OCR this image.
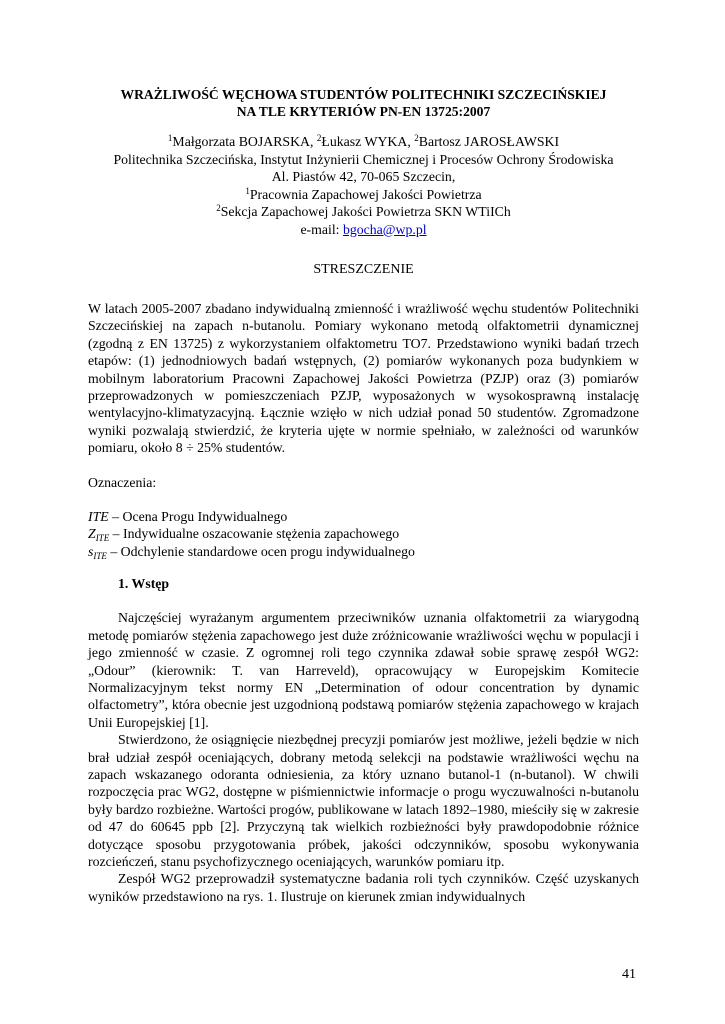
WRAŻLIWOŚĆ WĘCHOWA STUDENTÓW POLITECHNIKI SZCZECIŃSKIEJ
NA TLE KRYTERIÓW PN-EN 13725:2007
$^1$Małgorzata BOJARSKA, $^2$Łukasz WYKA, $^2$Bartosz JAROSŁAWSKI
Politechnika Szczecińska, Instytut Inżynierii Chemicznej i Procesów Ochrony Środowiska
Al. Piastów 42, 70-065 Szczecin,
$^1$Pracownia Zapachowej Jakości Powietrza
$^2$Sekcja Zapachowej Jakości Powietrza SKN WTiICh
e-mail: bgocha@wp.pl
STRESZCZENIE

W latach 2005-2007 zbadano indywidualną zmienność i wrażliwość węchu studentów Politechniki Szczecińskiej na zapach n-butanolu. Pomiary wykonano metodą olfaktometrii dynamicznej (zgodną z EN 13725) z wykorzystaniem olfaktometru TO7. Przedstawiono wyniki badań trzech etapów: (1) jednodniowych badań wstępnych, (2) pomiarów wykonanych poza budynkiem w mobilnym laboratorium Pracowni Zapachowej Jakości Powietrza (PZJP) oraz (3) pomiarów przeprowadzonych w pomieszczeniach PZJP, wyposażonych w wysokosprawną instalację wentylacyjno-klimatyzacyjną. Łącznie wzięło w nich udział ponad 50 studentów. Zgromadzone wyniki pozwalają stwierdzić, że kryteria ujęte w normie spełniało, w zależności od warunków pomiaru, około 8 ÷ 25% studentów.

Oznaczenia:

ITE – Ocena Progu Indywidualnego
$Z_{ITE}$ – Indywidualne oszacowanie stężenia zapachowego
$s_{ITE}$ – Odchylenie standardowe ocen progu indywidualnego
1. Wstęp

Najczęściej wyrażanym argumentem przeciwników uznania olfaktometrii za wiarygodną metodę pomiarów stężenia zapachowego jest duże zróżnicowanie wrażliwości węchu w populacji i jego zmienność w czasie. Z ogromnej roli tego czynnika zdawał sobie sprawę zespół WG2: „Odour” (kierownik: T. van Harreveld), opracowujący w Europejskim Komitecie Normalizacyjnym tekst normy EN „Determination of odour concentration by dynamic olfactometry”, która obecnie jest uzgodnioną podstawą pomiarów stężenia zapachowego w krajach Unii Europejskiej [1].

Stwierdzono, że osiągnięcie niezbędnej precyzji pomiarów jest możliwe, jeżeli będzie w nich brał udział zespół oceniających, dobrany metodą selekcji na podstawie wrażliwości węchu na zapach wskazanego odoranta odniesienia, za który uznano butanol-1 (n-butanol). W chwili rozpoczęcia prac WG2, dostępne w piśmiennictwie informacje o progu wyczuwalności n-butanolu były bardzo rozbieżne. Wartości progów, publikowane w latach 1892–1980, mieściły się w zakresie od 47 do 60645 ppb [2]. Przyczyną tak wielkich rozbieżności były prawdopodobnie różnice dotyczące sposobu przygotowania próbek, jakości odczynników, sposobu wykonywania rozcieńczeń, stanu psychofizycznego oceniających, warunków pomiaru itp.

Zespół WG2 przeprowadził systematyczne badania roli tych czynników. Część uzyskanych wyników przedstawiono na rys. 1. Ilustruje on kierunek zmian indywidualnych

41
